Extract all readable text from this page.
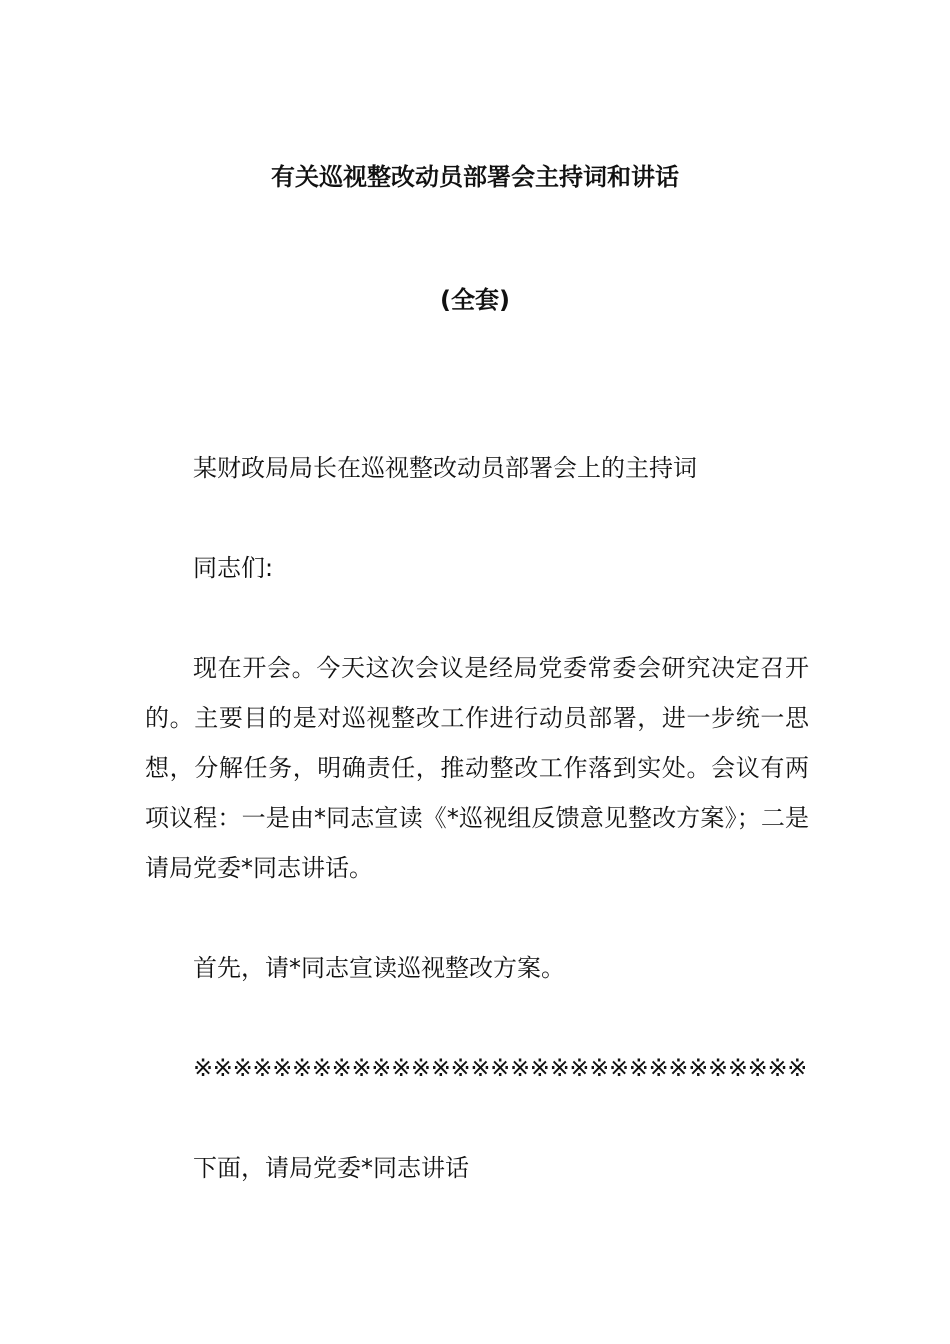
有关巡视整改动员部署会主持词和讲话
(全套)

某财政局局长在巡视整改动员部署会上的主持词

同志们:

现在开会。今天这次会议是经局党委常委会研究决定召开的。主要目的是对巡视整改工作进行动员部署，进一步统一思想，分解任务，明确责任，推动整改工作落到实处。会议有两项议程：一是由*同志宣读《*巡视组反馈意见整改方案》；二是请局党委*同志讲话。

首先，请*同志宣读巡视整改方案。

※※※※※※※※※※※※※※※※※※※※※※※※※※※※※※※

下面，请局党委*同志讲话
